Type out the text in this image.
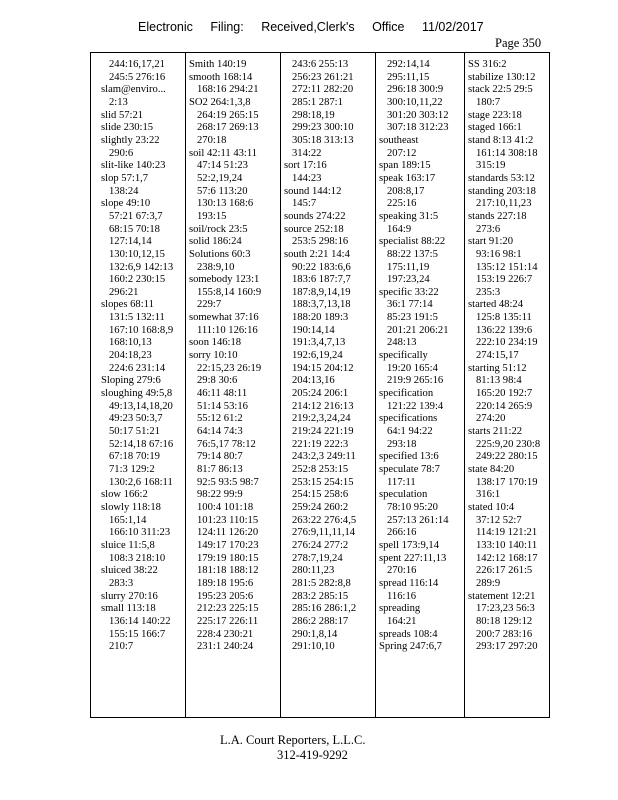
Electronic Filing: Received,Clerk's Office 11/02/2017
Page 350
244:16,17,21
245:5 276:16
slam@enviro...
2:13
slid 57:21
slide 230:15
slightly 23:22
290:6
slit-like 140:23
slop 57:1,7
138:24
slope 49:10
57:21 67:3,7
68:15 70:18
127:14,14
130:10,12,15
132:6,9 142:13
160:2 230:15
296:21
slopes 68:11
131:5 132:11
167:10 168:8,9
168:10,13
204:18,23
224:6 231:14
Sloping 279:6
sloughing 49:5,8
49:13,14,18,20
49:23 50:3,7
50:17 51:21
52:14,18 67:16
67:18 70:19
71:3 129:2
130:2,6 168:11
slow 166:2
slowly 118:18
165:1,14
166:10 311:23
sluice 11:5,8
108:3 218:10
sluiced 38:22
283:3
slurry 270:16
small 113:18
136:14 140:22
155:15 166:7
210:7
Smith 140:19
smooth 168:14
168:16 294:21
SO2 264:1,3,8
264:19 265:15
268:17 269:13
270:18
soil 42:11 43:11
47:14 51:23
52:2,19,24
57:6 113:20
130:13 168:6
193:15
soil/rock 23:5
solid 186:24
Solutions 60:3
238:9,10
somebody 123:1
155:8,14 160:9
229:7
somewhat 37:16
111:10 126:16
soon 146:18
sorry 10:10
22:15,23 26:19
29:8 30:6
46:11 48:11
51:14 53:16
55:12 61:2
64:14 74:3
76:5,17 78:12
79:14 80:7
81:7 86:13
92:5 93:5 98:7
98:22 99:9
100:4 101:18
101:23 110:15
124:11 126:20
149:17 170:23
179:19 180:15
181:18 188:12
189:18 195:6
195:23 205:6
212:23 225:15
225:17 226:11
228:4 230:21
231:1 240:24
243:6 255:13
256:23 261:21
272:11 282:20
285:1 287:1
298:18,19
299:23 300:10
305:18 313:13
314:22
sort 17:16
144:23
sound 144:12
145:7
sounds 274:22
source 252:18
253:5 298:16
south 2:21 14:4
90:22 183:6,6
183:6 187:7,7
187:8,9,14,19
188:3,7,13,18
188:20 189:3
190:14,14
191:3,4,7,13
192:6,19,24
194:15 204:12
204:13,16
205:24 206:1
214:12 216:13
219:2,3,24,24
219:24 221:19
221:19 222:3
243:2,3 249:11
252:8 253:15
253:15 254:15
254:15 258:6
259:24 260:2
263:22 276:4,5
276:9,11,11,14
276:24 277:2
278:7,19,24
280:11,23
281:5 282:8,8
283:2 285:15
285:16 286:1,2
286:2 288:17
290:1,8,14
291:10,10
292:14,14
295:11,15
296:18 300:9
300:10,11,22
301:20 303:12
307:18 312:23
southeast
207:12
span 189:15
speak 163:17
208:8,17
225:16
speaking 31:5
164:9
specialist 88:22
88:22 137:5
175:11,19
197:23,24
specific 33:22
36:1 77:14
85:23 191:5
201:21 206:21
248:13
specifically
19:20 165:4
219:9 265:16
specification
121:22 139:4
specifications
64:1 94:22
293:18
specified 13:6
speculate 78:7
117:11
speculation
78:10 95:20
257:13 261:14
266:16
spell 173:9,14
spent 227:11,13
270:16
spread 116:14
116:16
spreading
164:21
spreads 108:4
Spring 247:6,7
SS 316:2
stabilize 130:12
stack 22:5 29:5
180:7
stage 223:18
staged 166:1
stand 8:13 41:2
161:14 308:18
315:19
standards 53:12
standing 203:18
217:10,11,23
stands 227:18
273:6
start 91:20
93:16 98:1
135:12 151:14
153:19 226:7
235:3
started 48:24
125:8 135:11
136:22 139:6
222:10 234:19
274:15,17
starting 51:12
81:13 98:4
165:20 192:7
220:14 265:9
274:20
starts 211:22
225:9,20 230:8
249:22 280:15
state 84:20
138:17 170:19
316:1
stated 10:4
37:12 52:7
114:19 121:21
133:10 140:11
142:12 168:17
226:17 261:5
289:9
statement 12:21
17:23,23 56:3
80:18 129:12
200:7 283:16
293:17 297:20
L.A. Court Reporters, L.L.C.
312-419-9292
